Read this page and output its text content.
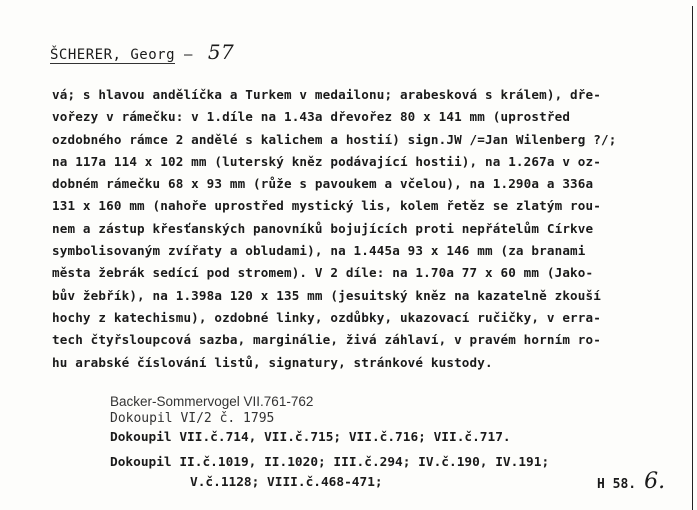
ŠCHERER, Georg – 57
vá; s hlavou andělíčka a Turkem v medailonu; arabesková s králem), dře-
vořezy v rámečku: v 1.díle na 1.43a dřevořez 80 x 141 mm (uprostřed
ozdobného rámce 2 andělé s kalichem a hostií) sign.JW /=Jan Wilenberg ?/;
na 117a 114 x 102 mm (luterský kněz podávající hostii), na 1.267a v oz-
dobném rámečku 68 x 93 mm (růže s pavoukem a včelou), na 1.290a a 336a
131 x 160 mm (nahoře uprostřed mystický lis, kolem řetěz se zlatým rou-
nem a zástup křesťanských panovníků bojujících proti nepřátelům Církve
symbolisovaným zvířaty a obludami), na 1.445a 93 x 146 mm (za branami
města žebrák sedící pod stromem). V 2 díle: na 1.70a 77 x 60 mm (Jako-
bův žebřík), na 1.398a 120 x 135 mm (jesuitský kněz na kazatelně zkouší
hochy z katechismu), ozdobné linky, ozdůbky, ukazovací ručičky, v erra-
tech čtyřsloupcová sazba, marginálie, živá záhlaví, v pravém horním ro-
hu arabské číslování listů, signatury, stránkové kustody.
Backer-Sommervogel VII.761-762
Dokoupil VI/2 č. 1795
Dokoupil VII.č.714, VII.č.715; VII.č.716; VII.č.717.
Dokoupil II.č.1019, II.1020; III.č.294; IV.č.190, IV.191;
V.č.1128; VIII.č.468-471;	H 58. 6.
